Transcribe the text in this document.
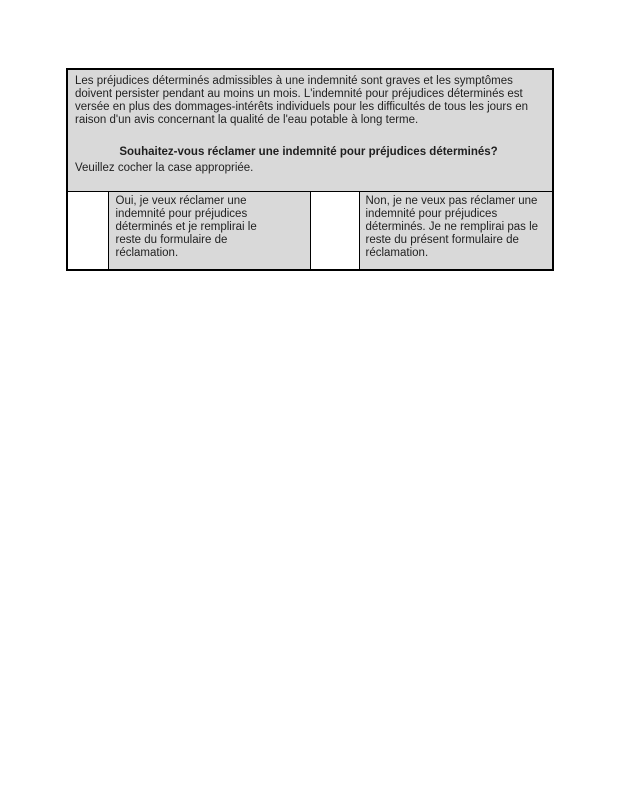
Les préjudices déterminés admissibles à une indemnité sont graves et les symptômes doivent persister pendant au moins un mois. L'indemnité pour préjudices déterminés est versée en plus des dommages-intérêts individuels pour les difficultés de tous les jours en raison d'un avis concernant la qualité de l'eau potable à long terme.
Souhaitez-vous réclamer une indemnité pour préjudices déterminés?
Veuillez cocher la case appropriée.

	Oui, je veux réclamer une indemnité pour préjudices déterminés et je remplirai le reste du formulaire de réclamation.		Non, je ne veux pas réclamer une indemnité pour préjudices déterminés. Je ne remplirai pas le reste du présent formulaire de réclamation.
